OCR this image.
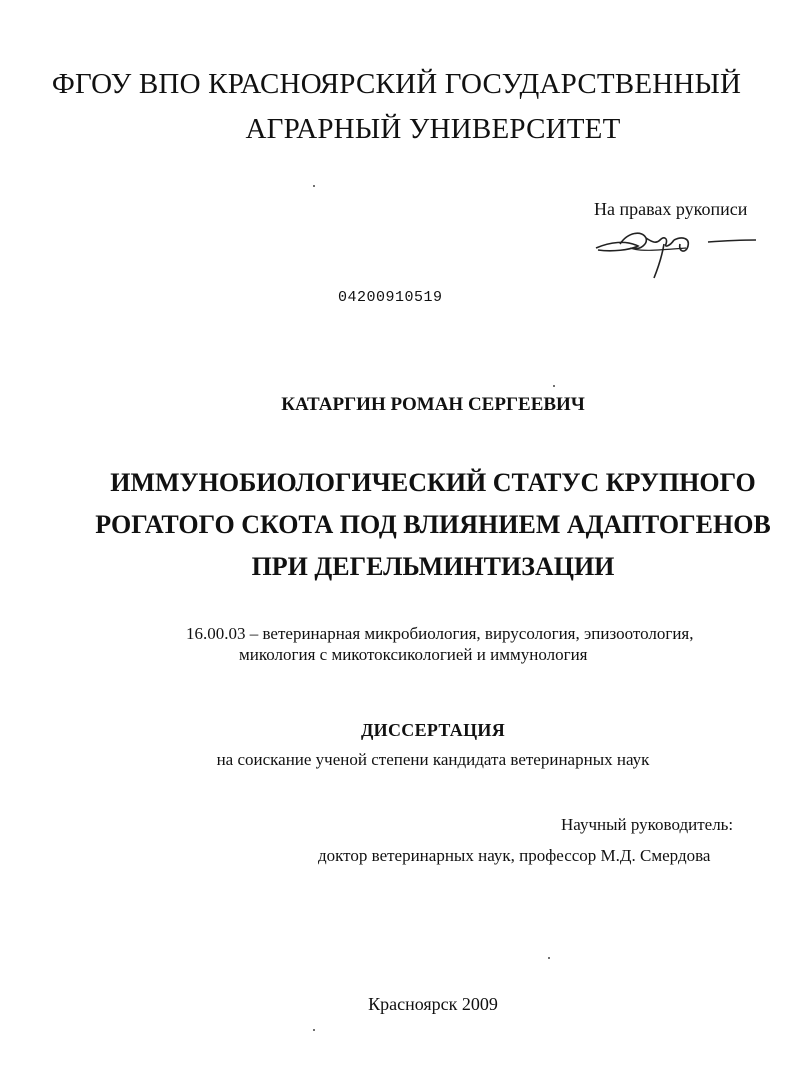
ФГОУ ВПО КРАСНОЯРСКИЙ ГОСУДАРСТВЕННЫЙ
АГРАРНЫЙ УНИВЕРСИТЕТ
На правах рукописи
04200910519
КАТАРГИН РОМАН СЕРГЕЕВИЧ
ИММУНОБИОЛОГИЧЕСКИЙ СТАТУС КРУПНОГО
РОГАТОГО СКОТА ПОД ВЛИЯНИЕМ АДАПТОГЕНОВ
ПРИ ДЕГЕЛЬМИНТИЗАЦИИ
16.00.03 – ветеринарная микробиология, вирусология, эпизоотология,
микология с микотоксикологией и иммунология
ДИССЕРТАЦИЯ
на соискание ученой степени кандидата ветеринарных наук
Научный руководитель:
доктор ветеринарных наук, профессор М.Д. Смердова
Красноярск 2009
